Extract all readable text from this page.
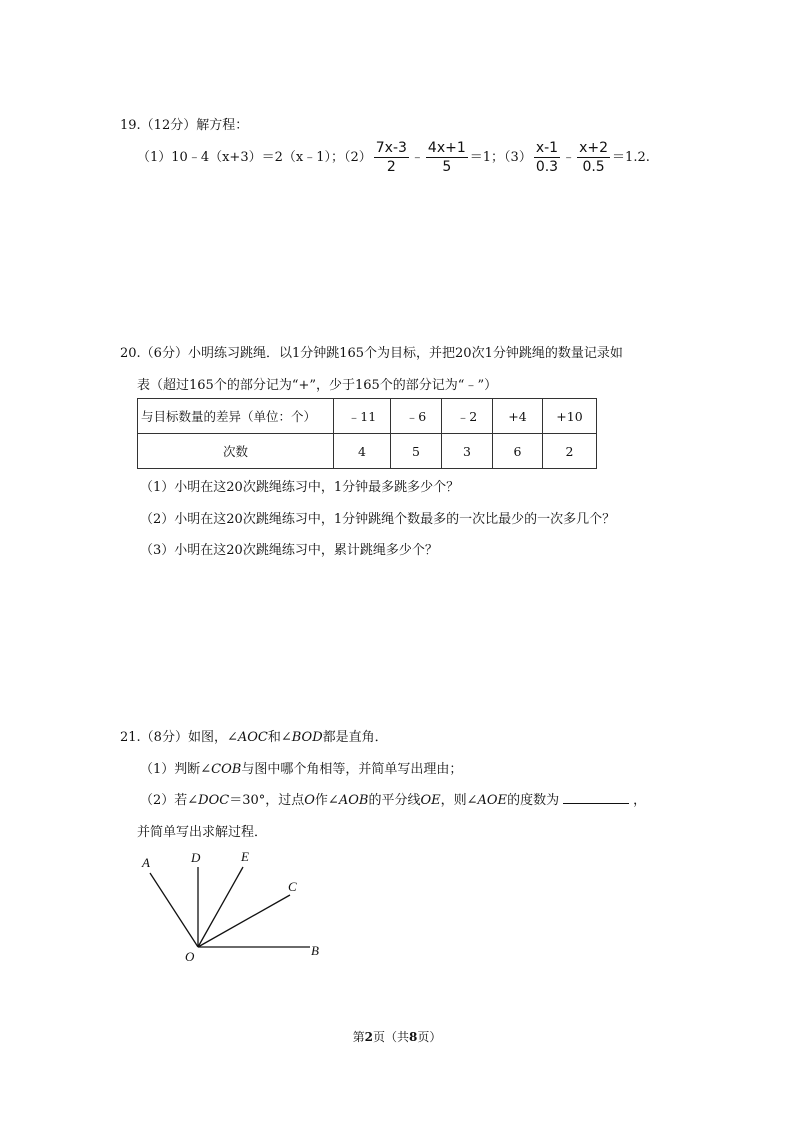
19.（12分）解方程：
（1）10﹣4（x+3）＝2（x﹣1）；$(2) \frac{7x-3}{2}$ ﹣ $\frac{4x+1}{5} =1$；$(3) \frac{x-1}{0.3}$ ﹣ $\frac{x+2}{0.5} =1.2$.
20.（6分）小明练习跳绳．以1分钟跳165个为目标，并把20次1分钟跳绳的数量记录如
表（超过165个的部分记为“+”，少于165个的部分记为“﹣”）
与目标数量的差异（单位：个）	﹣11	﹣6	﹣2	+4	+10
次数	4	5	3	6	2
（1）小明在这20次跳绳练习中，1分钟最多跳多少个？
（2）小明在这20次跳绳练习中，1分钟跳绳个数最多的一次比最少的一次多几个？
（3）小明在这20次跳绳练习中，累计跳绳多少个？
21.（8分）如图，∠AOC和∠BOD都是直角．
（1）判断∠COB与图中哪个角相等，并简单写出理由；
（2）若∠DOC＝30°，过点O作∠AOB的平分线OE，则∠AOE的度数为	，
并简单写出求解过程．
A	D	E
C
O	B
第2页（共8页）
